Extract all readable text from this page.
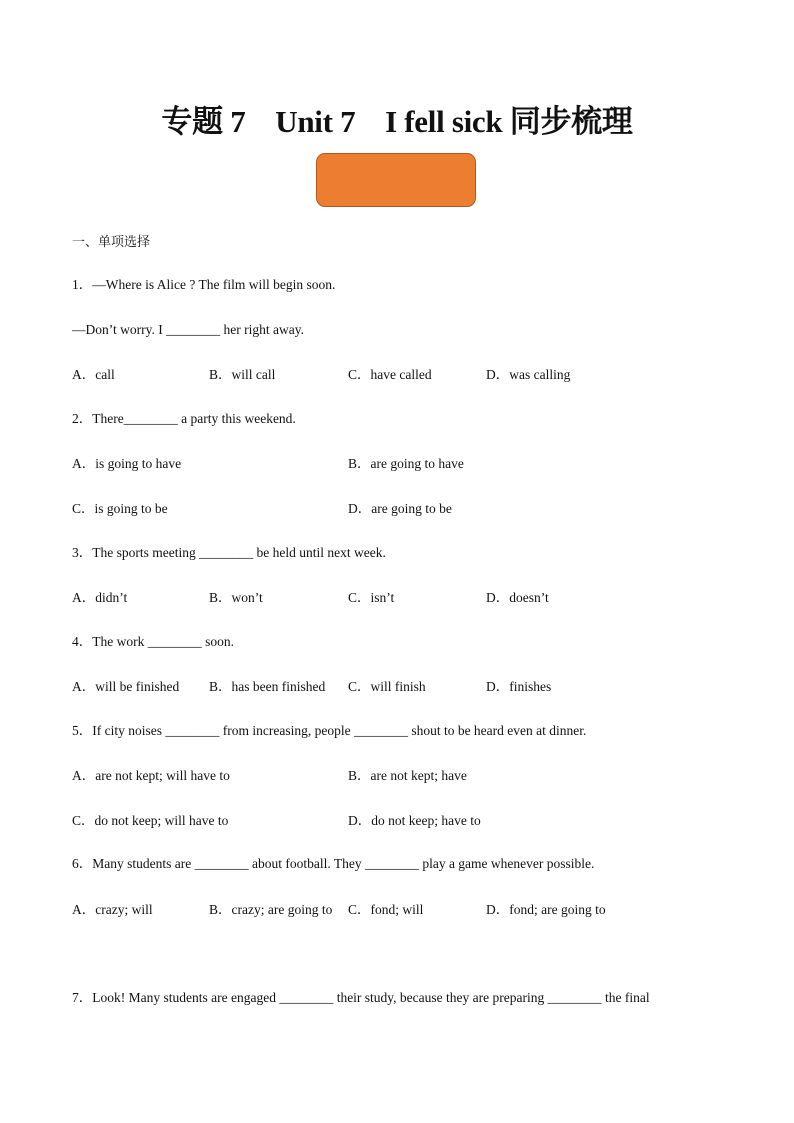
专题 7    Unit 7    I fell sick 同步梳理
一、单项选择
1．—Where is Alice ? The film will begin soon.
—Don’t worry. I ________ her right away.
A．call	B．will call	C．have called	D．was calling
2．There________ a party this weekend.
A．is going to have	B．are going to have
C．is going to be	D．are going to be
3．The sports meeting ________ be held until next week.
A．didn’t	B．won’t	C．isn’t	D．doesn’t
4．The work ________ soon.
A．will be finished B．has been finished C．will finish	D．finishes
5．If city noises ________ from increasing, people ________ shout to be heard even at dinner.
A．are not kept; will have to	B．are not kept; have
C．do not keep; will have to	D．do not keep; have to
6．Many students are ________ about football. They ________ play a game whenever possible.
A．crazy; will	B．crazy; are going to C．fond; will	D．fond; are going to
7．Look! Many students are engaged ________ their study, because they are preparing ________ the final
